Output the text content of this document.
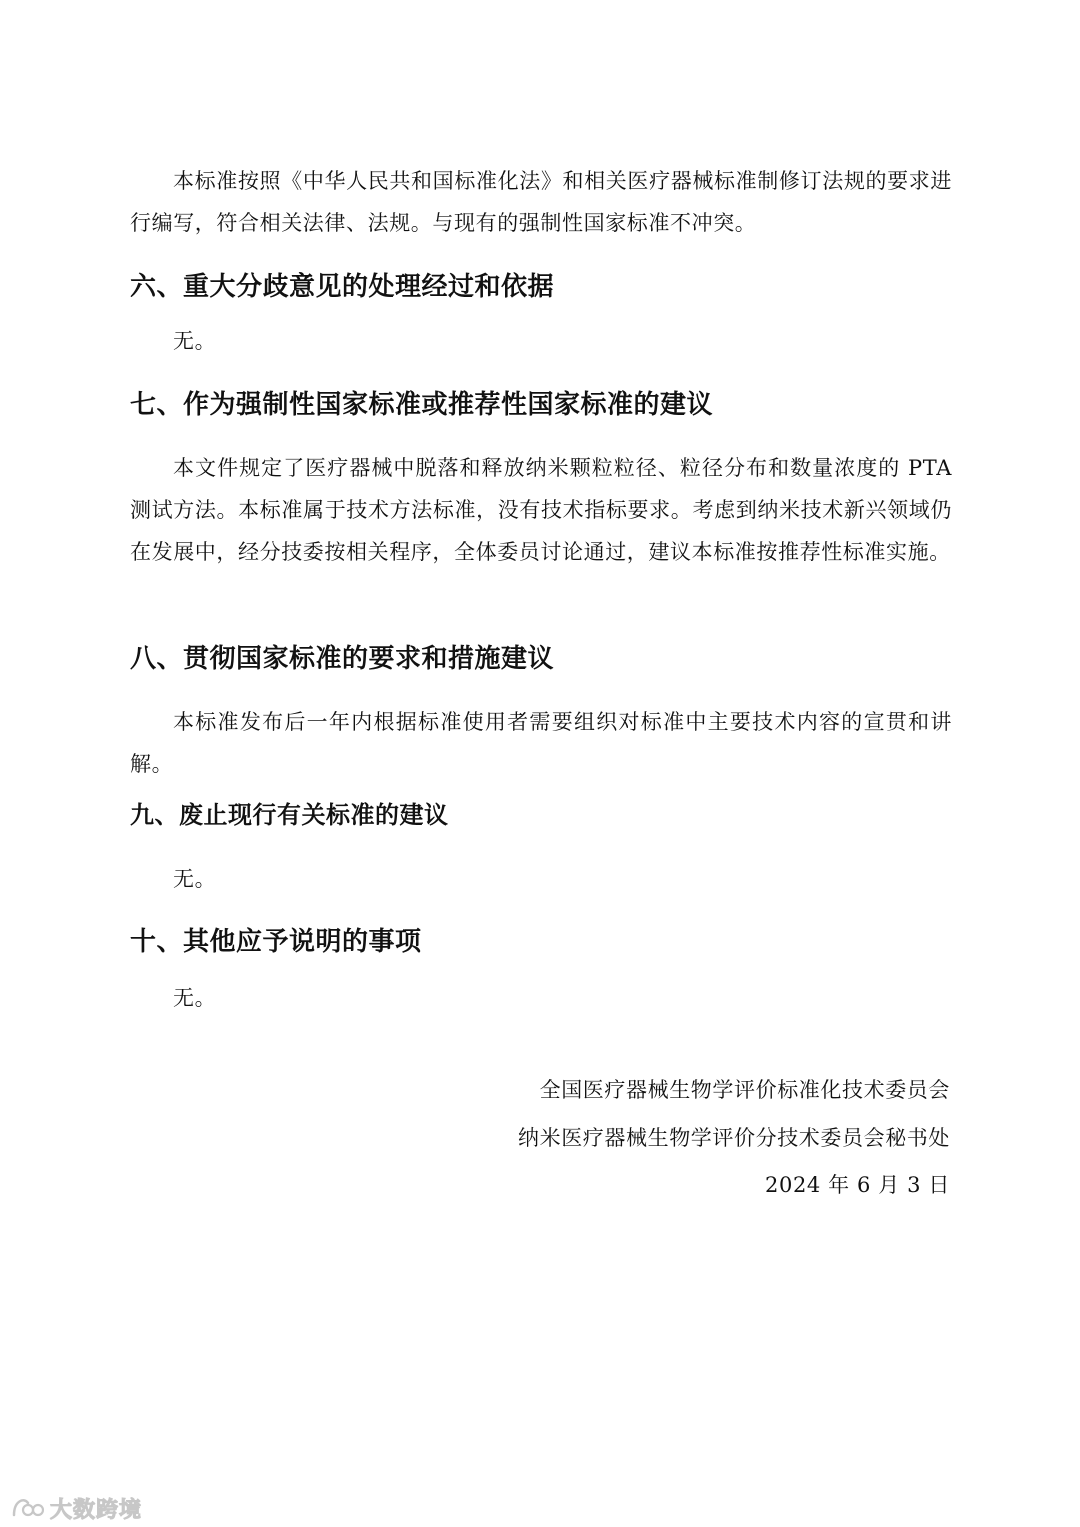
本标准按照《中华人民共和国标准化法》和相关医疗器械标准制修订法规的要求进行编写，符合相关法律、法规。与现有的强制性国家标准不冲突。

六、重大分歧意见的处理经过和依据

无。

七、作为强制性国家标准或推荐性国家标准的建议

本文件规定了医疗器械中脱落和释放纳米颗粒粒径、粒径分布和数量浓度的 PTA 测试方法。本标准属于技术方法标准，没有技术指标要求。考虑到纳米技术新兴领域仍在发展中，经分技委按相关程序，全体委员讨论通过，建议本标准按推荐性标准实施。

八、贯彻国家标准的要求和措施建议

本标准发布后一年内根据标准使用者需要组织对标准中主要技术内容的宣贯和讲解。

九、废止现行有关标准的建议

无。

十、其他应予说明的事项

无。

全国医疗器械生物学评价标准化技术委员会

纳米医疗器械生物学评价分技术委员会秘书处

2024 年 6 月 3 日

大数跨境
